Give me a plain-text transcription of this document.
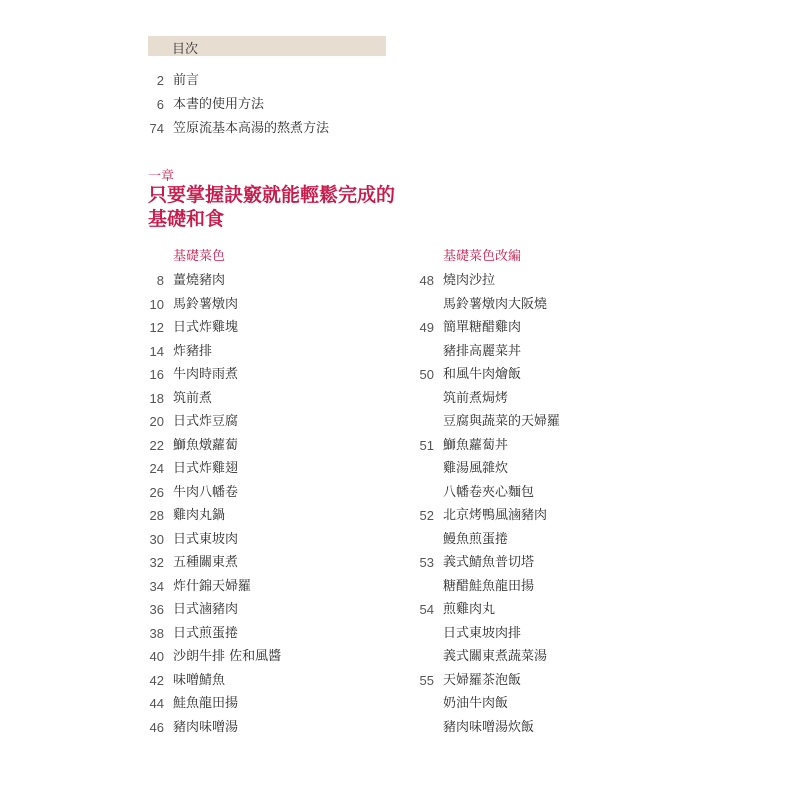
目次
2 前言
6 本書的使用方法
74 笠原流基本高湯的熬煮方法
一章
只要掌握訣竅就能輕鬆完成的
基礎和食
基礎菜色	基礎菜色改編
8 薑燒豬肉
10 馬鈴薯燉肉
12 日式炸雞塊
14 炸豬排
16 牛肉時雨煮
18 筑前煮
20 日式炸豆腐
22 鰤魚燉蘿蔔
24 日式炸雞翅
26 牛肉八幡卷
28 雞肉丸鍋
30 日式東坡肉
32 五種關東煮
34 炸什錦天婦羅
36 日式滷豬肉
38 日式煎蛋捲
40 沙朗牛排 佐和風醬
42 味噌鯖魚
44 鮭魚龍田揚
46 豬肉味噌湯
48 燒肉沙拉
馬鈴薯燉肉大阪燒
49 簡單糖醋雞肉
豬排高麗菜丼
50 和風牛肉燴飯
筑前煮焗烤
豆腐與蔬菜的天婦羅
51 鰤魚蘿蔔丼
雞湯風雜炊
八幡卷夾心麵包
52 北京烤鴨風滷豬肉
鰻魚煎蛋捲
53 義式鯖魚普切塔
糖醋鮭魚龍田揚
54 煎雞肉丸
日式東坡肉排
義式關東煮蔬菜湯
55 天婦羅茶泡飯
奶油牛肉飯
豬肉味噌湯炊飯
